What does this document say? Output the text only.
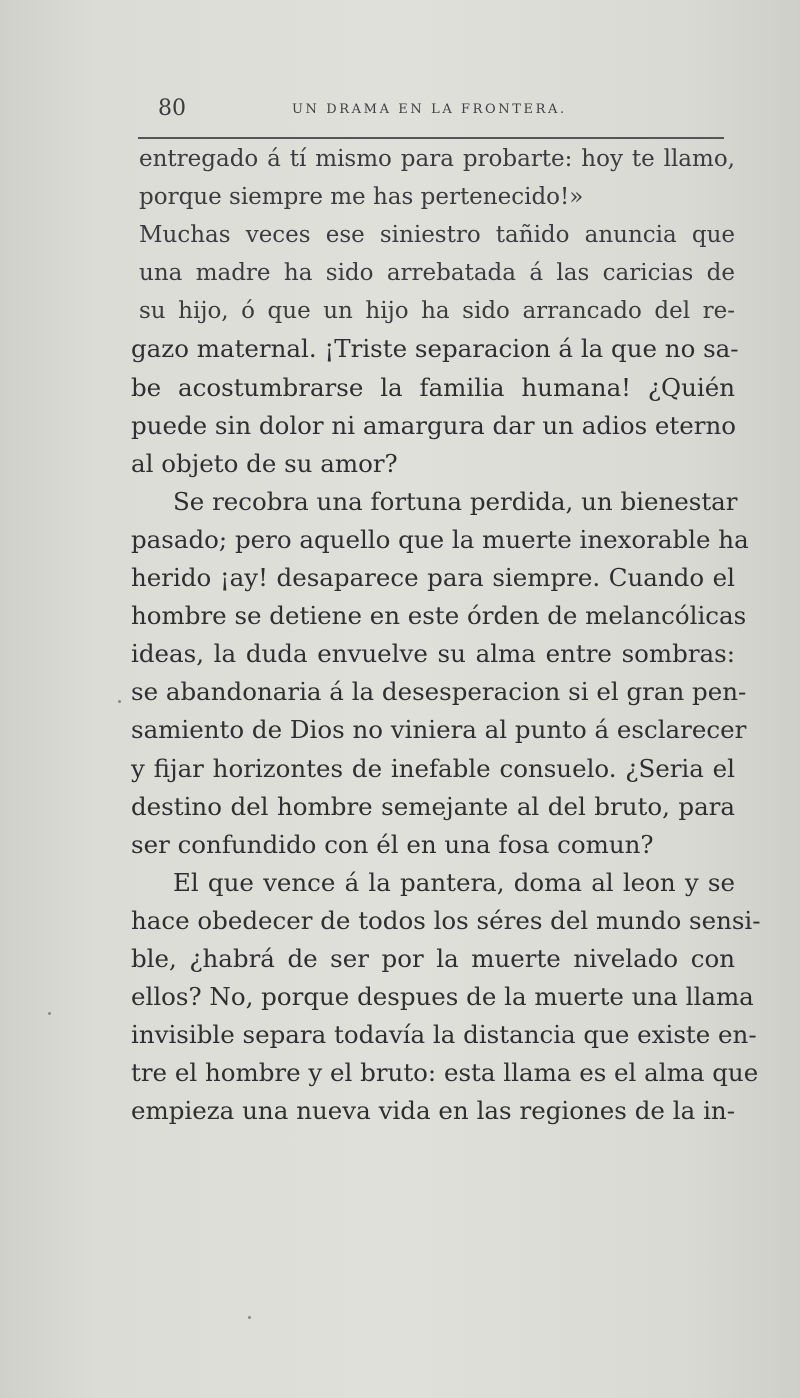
80	UN DRAMA EN LA FRONTERA.
entregado á tí mismo para probarte: hoy te llamo,
porque siempre me has pertenecido!»
Muchas veces ese siniestro tañido anuncia que
una madre ha sido arrebatada á las caricias de
su hijo, ó que un hijo ha sido arrancado del re-
gazo maternal. ¡Triste separacion á la que no sa-
be acostumbrarse la familia humana! ¿Quién
puede sin dolor ni amargura dar un adios eterno
al objeto de su amor?
Se recobra una fortuna perdida, un bienestar
pasado; pero aquello que la muerte inexorable ha
herido ¡ay! desaparece para siempre. Cuando el
hombre se detiene en este órden de melancólicas
ideas, la duda envuelve su alma entre sombras:
se abandonaria á la desesperacion si el gran pen-
samiento de Dios no viniera al punto á esclarecer
y fijar horizontes de inefable consuelo. ¿Seria el
destino del hombre semejante al del bruto, para
ser confundido con él en una fosa comun?
El que vence á la pantera, doma al leon y se
hace obedecer de todos los séres del mundo sensi-
ble, ¿habrá de ser por la muerte nivelado con
ellos? No, porque despues de la muerte una llama
invisible separa todavía la distancia que existe en-
tre el hombre y el bruto: esta llama es el alma que
empieza una nueva vida en las regiones de la in-
